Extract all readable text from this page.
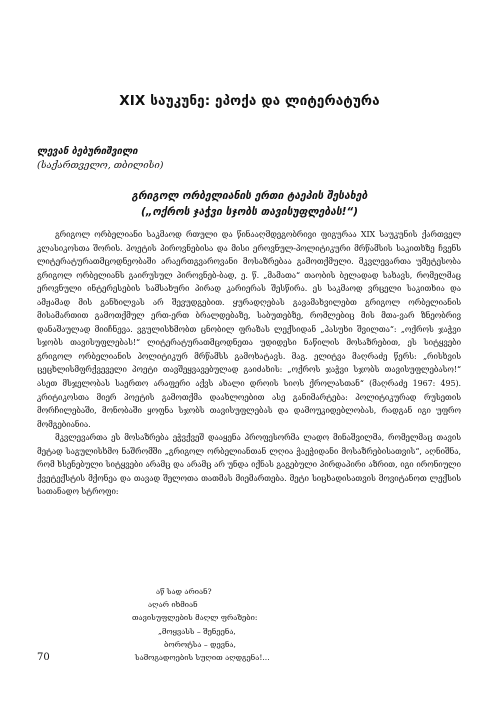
XIX საუკუნე: ეპოქა და ლიტერატურა
ლევან ბებურიშვილი
(საქართველო, თბილისი)
გრიგოლ ორბელიანის ერთი ტაეპის შესახებ
(„ოქროს ჯაჭვი სჯობს თავისუფლებას!“)

გრიგოლ ორბელიანი საკმაოდ რთული და წინააღმდეგობრივი ფიგურაა XIX საუკუნის ქართველ კლასიკოსთა შორის. პოეტის პიროვნებისა და მისი ეროვნულ-პოლიტიკური მრწამსის საკითხზე ჩვენს ლიტერატურათმცოდნეობაში არაერთგვაროვანი მოსაზრებაა გამოთქმული. მკვლევართა უმეტესობა გრიგოლ ორბელიანს გაირუსულ პიროვნებ-ბად, ე. წ. „მამათა“ თაობის ბელადად სახავს, რომელმაც ეროვნული ინტერესების სამსახური პირად კარიერას შესწირა. ეს საკმაოდ ვრცელი საკითხია და ამჟამად მის განხილვას არ შევუდგებით. ყურადღებას გავამახვილებთ გრიგოლ ორბელიანის მისამართით გამოთქმულ ერთ-ერთ ბრალდებაზე, საბუთებზე, რომლებიც მის მთა-ვარ ზნეობრივ დანაშაულად მიიჩნევა. ვგულისხმობთ ცნობილ ფრაზას ლექსიდან „პასუხი შვილთა“: „ოქროს ჯაჭვი სჯობს თავისუფლებას!“ ლიტერატურათმცოდნეთა უდიდესი ნაწილის მოსაზრებით, ეს სიტყვები გრიგოლ ორბელიანის პოლიტიკურ მრწამსს გამოხატავს. მაგ. ელიტვა მაღრაძე წერს: „რისხვის ცეცხლისმფრქვეველი პოეტი თავშეყვავებულად გაიძახის: „ოქროს ჯაჭვი სჯობს თავისუფლებასო!“ ასეთ მსჯელობას საერთო არაფერი აქვს ახალი დროის სიოს ქროლასთან“ (მაღრაძე 1967: 495). კრიტიკოსთა მიერ პოეტის გამოთქმა დაახლოებით ასე განიმარტება: პოლიტიკურად რუსეთის მორჩილებაში, მონობაში ყოფნა სჯობს თავისუფლებას და დამოუკიდებლობას, რადგან იგი უფრო მომგებიანია.

მკვლევართა ეს მოსაზრება ეჭვქვეშ დააყენა პროფესორმა ლადო მინაშვილმა, რომელმაც თავის მეტად საგულისხმო ნაშრომში „გრიგოლ ორბელიანთან ლღია ჭაეჭიდანი მოსაზრებისათვის“, აღნიშნა, რომ ხსენებული სიტყვები არამც და არამც არ უნდა იქნას გაგებული პირდაპირი აზრით, იგი ირონიული ქვეტექსტის მქონეა და თავად შელოთა თათმას მიემართება. მეტი სიცხადისათვის მოვიტანოთ ლექსის სათანადო სტროფი:

აწ სად არიან?
აღარ იხმიან
თავისუფლების მაღლ ფრაზები:
„მოყვასს – შენეენა,
ბოროტსა – დევნა,
სამოგადოების სუღით აღდგენა!...
70
